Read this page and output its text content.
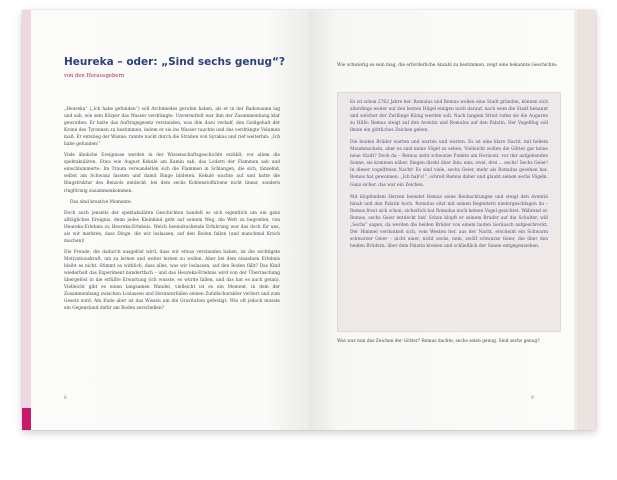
Heureka – oder: „Sind sechs genug“?
von den Herausgebern

„Heureka“ („Ich habe gefunden“) soll Archimedes gerufen haben, als er in der Badewanne lag und sah, wie sein Körper das Wasser verdrängte. Unvermittelt war ihm der Zusammenhang klar geworden: Er hatte das Auftragsgesetz verstanden, was ihm dazu verhalf, den Goldgehalt der Krone des Tyrannen zu bestimmen, indem er sie ins Wasser tauchte und das verdrängte Volumen maß. Er entstieg der Wanne, rannte nackt durch die Straßen von Syrakus und rief weiterhin: „Ich habe gefunden!“

Viele ähnliche Ereignisse werden in der Wissenschaftsgeschichte erzählt, vor allem die spektakulären. Etwa wie August Kekulé am Kamin saß, das Lodern der Flammen sah und einschlummerte. Im Traum verwandelten sich die Flammen in Schlangen, die sich, tänzelnd, selbst am Schwanz fassten und damit Ringe bildeten. Kekulé wachte auf und hatte die Ringstruktur des Benzols entdeckt, bei dem sechs Kohlenstoffatome nicht linear, sondern ringförmig zusammenkommen.

Das sind kreative Momente.

Doch auch jenseits der spektakulären Geschichten handelt es sich eigentlich um ein ganz alltägliches Ereignis, denn jedes Kleinkind geht auf seinem Weg, die Welt zu begreifen, von Heureka-Erlebnis zu Heureka-Erlebnis. Welch beeindruckende Erfahrung war das doch für uns, als wir merkten, dass Dinge, die wir loslassen, auf den Boden fallen (und manchmal Krach machen)!

Die Freude, die dadurch ausgelöst wird, dass wir etwas verstanden haben, ist die wichtigste Motivationskraft, um zu lernen und weiter lernen zu wollen. Aber bei dem einzelnen Erlebnis bleibt es nicht. Stimmt es wirklich, dass alles, was wir loslassen, auf den Boden fällt? Das Kind wiederholt das Experiment hundertfach – und das Heureka-Erlebnis wird von der Überraschung übergelöst in die erfüllte Erwartung (ich wusste, es würde fallen, und das hat es auch getan). Vielleicht gibt es einen langsamen Wandel, vielleicht ist es ein Moment, in dem der Zusammenhang zwischen Loslassen und Herunterfallen seinen Zufallscharakter verliert und zum Gesetz wird. Am Ende aber ist das Wissen um die Gravitation gefestigt: Wie oft jedoch musste ein Gegenstand dafür am Boden zerschellen?

8

Wie schwierig es sein mag, die erforderliche Anzahl zu bestimmen, zeigt eine bekannte Geschichte:

Es ist schon 2762 Jahre her. Romulus und Remus wollen eine Stadt gründen, können sich allerdings weder auf den besten Hügel einigen noch darauf, nach wem die Stadt benannt und welcher der Zwillinge König werden soll. Nach langem Streit rufen sie die Auguren zu Hilfe: Remus steigt auf den Aventin und Romulus auf den Palatin. Der Vogelflug soll ihnen ein göttliches Zeichen geben.

Die beiden Brüder warten und warten und warten. Es ist eine klare Nacht, mit hellem Mondenschein, aber es sind keine Vögel zu sehen. Vielleicht wollen die Götter gar keine neue Stadt? Doch da – Remus sieht schwarze Punkte am Horizont, vor der aufgehenden Sonne, sie kommen näher, fliegen direkt über ihm: eins, zwei, drei ... sechs! Sechs Geier! In dieser vogelfreien Nacht! Es sind viele, sechs Geier, mehr als Romulus gesehen hat. Remus hat gewonnen. „Ich hab's!“, schreit Remus daher und glaubt seinen sechs Vögeln. Ganz sicher, das war ein Zeichen.

Mit klopfendem Herzen beendet Remus seine Beobachtungen und steigt den Aventin hinab und den Palatin hoch. Romulus sitzt mit seinen Begleitern niedergeschlagen da – Remus freut sich schon, sicherlich hat Romulus noch keinen Vogel gesichtet. Während er, Remus, sechs Geier entdeckt hat! Schon klopft er seinem Bruder auf die Schulter, will „Sechs“ sagen, da werden die beiden Brüder von einem lauten Geräusch aufgeschreckt. Der Himmel verdunkelt sich, vom Westen her, aus der Nacht, erscheint ein Schwarm schwarzer Geier – nicht einer, nicht sechs, nein, zwölf schwarze Geier, die über den beiden Brüdern, über dem Palatin kreisen und schließlich der Sonne entgegenziehen.

Was war nun das Zeichen der Götter? Remus dachte, sechs seien genug. Sind sechs genug?

9
